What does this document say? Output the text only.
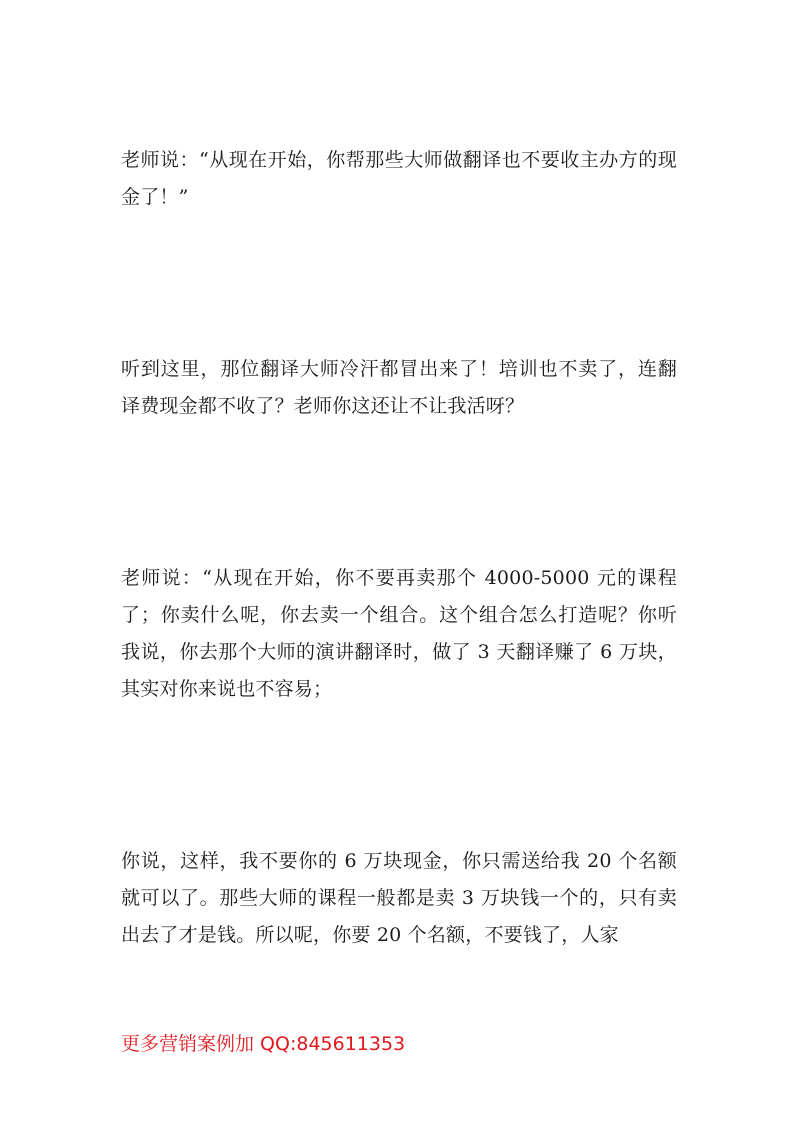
老师说：“从现在开始，你帮那些大师做翻译也不要收主办方的现金了！”

听到这里，那位翻译大师冷汗都冒出来了！培训也不卖了，连翻译费现金都不收了？老师你这还让不让我活呀？

老师说：“从现在开始，你不要再卖那个 4000-5000 元的课程了；你卖什么呢，你去卖一个组合。这个组合怎么打造呢？你听我说，你去那个大师的演讲翻译时，做了 3 天翻译赚了 6 万块，其实对你来说也不容易；

你说，这样，我不要你的 6 万块现金，你只需送给我 20 个名额就可以了。那些大师的课程一般都是卖 3 万块钱一个的，只有卖出去了才是钱。所以呢，你要 20 个名额，不要钱了，人家

更多营销案例加 QQ:845611353
